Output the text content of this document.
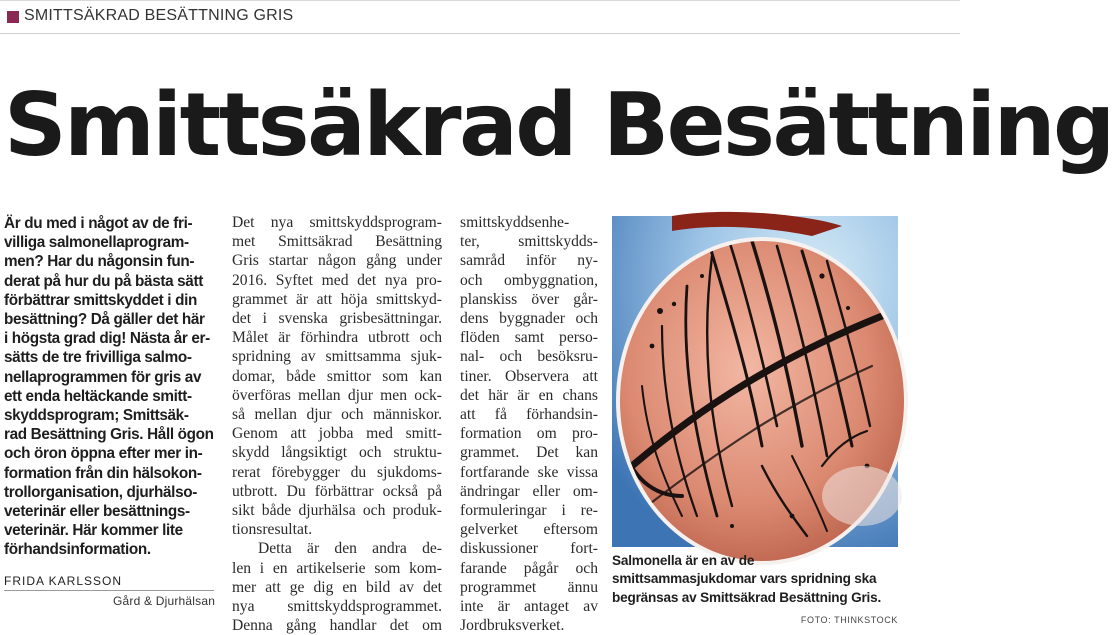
SMITTSÄKRAD BESÄTTNING GRIS
Smittsäkrad Besättning
Är du med i något av de fri-
villiga salmonellaprogram-
men? Har du någonsin fun-
derat på hur du på bästa sätt
förbättrar smittskyddet i din
besättning? Då gäller det här
i högsta grad dig! Nästa år er-
sätts de tre frivilliga salmo-
nellaprogrammen för gris av
ett enda heltäckande smitt-
skyddsprogram; Smittsäk-
rad Besättning Gris. Håll ögon
och öron öppna efter mer in-
formation från din hälsokon-
trollorganisation, djurhälso-
veterinär eller besättnings-
veterinär. Här kommer lite
förhandsinformation.
FRIDA KARLSSON
Gård & Djurhälsan
Det nya smittskyddsprogram-
met Smittsäkrad Besättning
Gris startar någon gång under
2016. Syftet med det nya pro-
grammet är att höja smittskyd-
det i svenska grisbesättningar.
Målet är förhindra utbrott och
spridning av smittsamma sjuk-
domar, både smittor som kan
överföras mellan djur men ock-
så mellan djur och människor.
Genom att jobba med smitt-
skydd långsiktigt och struktu-
rerat förebygger du sjukdoms-
utbrott. Du förbättrar också på
sikt både djurhälsa och produk-
tionsresultat.
Detta är den andra de-
len i en artikelserie som kom-
mer att ge dig en bild av det
nya smittskyddsprogrammet.
Denna gång handlar det om
smittskyddsenhe-
ter, smittskydds-
samråd inför ny-
och ombyggnation,
planskiss över går-
dens byggnader och
flöden samt perso-
nal- och besöksru-
tiner. Observera att
det här är en chans
att få förhandsin-
formation om pro-
grammet. Det kan
fortfarande ske vissa
ändringar eller om-
formuleringar i re-
gelverket eftersom
diskussioner fort-
farande pågår och
programmet ännu
inte är antaget av
Jordbruksverket.
Salmonella är en av de
smittsammasjukdomar vars spridning ska
begränsas av Smittsäkrad Besättning Gris.
FOTO: THINKSTOCK
